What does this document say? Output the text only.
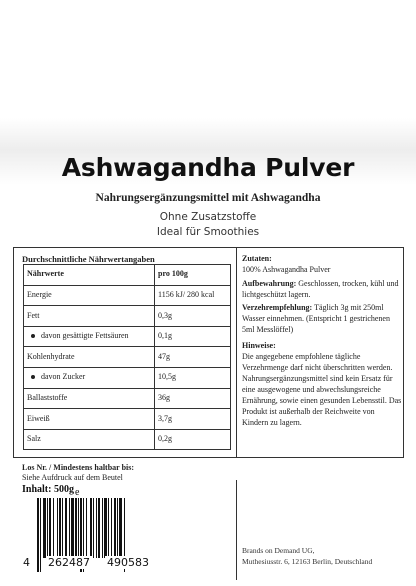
Ashwagandha Pulver
Nahrungsergänzungsmittel mit Ashwagandha
Ohne Zusatzstoffe
Ideal für Smoothies
Durchschnittliche Nährwertangaben
Nährwerte	pro 100g
Energie	1156 kJ/ 280 kcal
Fett	0,3g
davon gesättigte Fettsäuren	0,1g
Kohlenhydrate	47g
davon Zucker	10,5g
Ballaststoffe	36g
Eiweiß	3,7g
Salz	0,2g
Zutaten:
100% Ashwagandha Pulver
Aufbewahrung: Geschlossen, trocken, kühl und lichtgeschützt lagern.
Verzehrempfehlung: Täglich 3g mit 250ml Wasser einnehmen. (Entspricht 1 gestrichenen 5ml Messlöffel)
Hinweise:
Die angegebene empfohlene tägliche Verzehrmenge darf nicht überschritten werden. Nahrungsergänzungsmittel sind kein Ersatz für eine ausgewogene und abwechslungsreiche Ernährung, sowie einen gesunden Lebensstil. Das Produkt ist außerhalb der Reichweite von Kindern zu lagern.
Los Nr. / Mindestens haltbar bis:
Siehe Aufdruck auf dem Beutel
Inhalt: 500ge
4 262487 490583
Brands on Demand UG,
Muthesiusstr. 6, 12163 Berlin, Deutschland
